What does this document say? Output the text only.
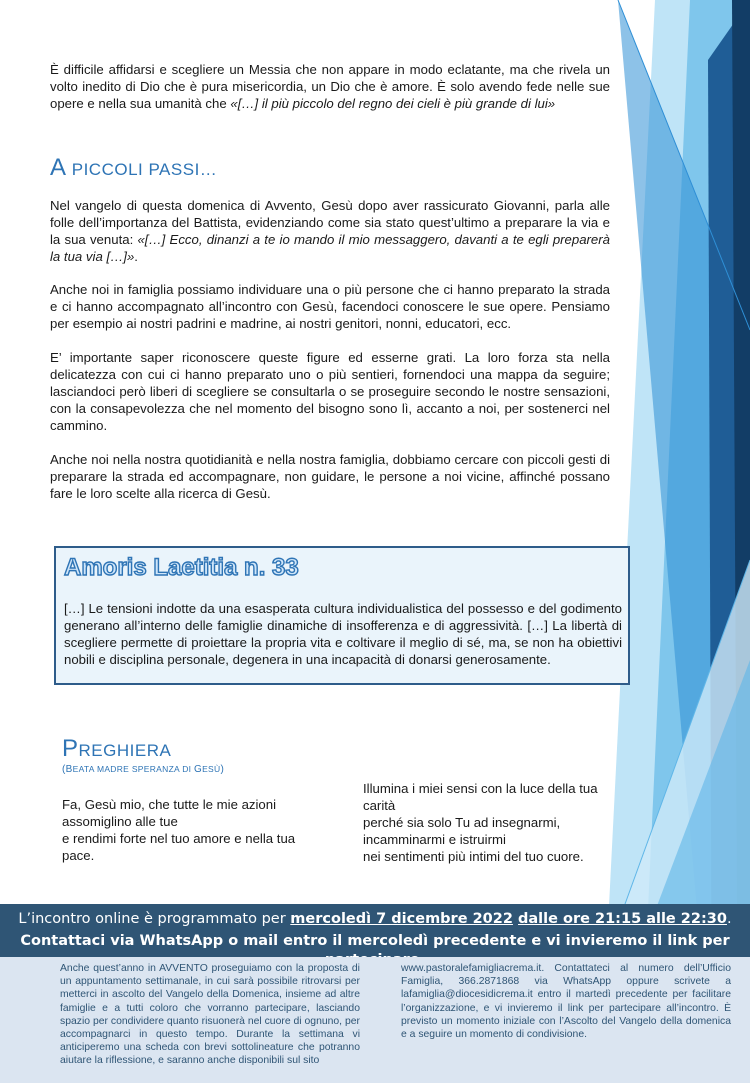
È difficile affidarsi e scegliere un Messia che non appare in modo eclatante, ma che rivela un volto inedito di Dio che è pura misericordia, un Dio che è amore. È solo avendo fede nelle sue opere e nella sua umanità che «[…] il più piccolo del regno dei cieli è più grande di lui»

A PICCOLI PASSI…

Nel vangelo di questa domenica di Avvento, Gesù dopo aver rassicurato Giovanni, parla alle folle dell’importanza del Battista, evidenziando come sia stato quest’ultimo a preparare la via e la sua venuta: «[…] Ecco, dinanzi a te io mando il mio messaggero, davanti a te egli preparerà la tua via […]».

Anche noi in famiglia possiamo individuare una o più persone che ci hanno preparato la strada e ci hanno accompagnato all’incontro con Gesù, facendoci conoscere le sue opere. Pensiamo per esempio ai nostri padrini e madrine, ai nostri genitori, nonni, educatori, ecc.

E’ importante saper riconoscere queste figure ed esserne grati. La loro forza sta nella delicatezza con cui ci hanno preparato uno o più sentieri, fornendoci una mappa da seguire; lasciandoci però liberi di scegliere se consultarla o se proseguire secondo le nostre sensazioni, con la consapevolezza che nel momento del bisogno sono lì, accanto a noi, per sostenerci nel cammino.

Anche noi nella nostra quotidianità e nella nostra famiglia, dobbiamo cercare con piccoli gesti di preparare la strada ed accompagnare, non guidare, le persone a noi vicine, affinché possano fare le loro scelte alla ricerca di Gesù.

Amoris Laetitia n. 33

[…] Le tensioni indotte da una esasperata cultura individualistica del possesso e del godimento generano all’interno delle famiglie dinamiche di insofferenza e di aggressività. […] La libertà di scegliere permette di proiettare la propria vita e coltivare il meglio di sé, ma, se non ha obiettivi nobili e disciplina personale, degenera in una incapacità di donarsi generosamente.

PREGHIERA
(BEATA MADRE SPERANZA DI GESÙ)
Fa, Gesù mio, che tutte le mie azioni
assomiglino alle tue
e rendimi forte nel tuo amore e nella tua
pace.
Illumina i miei sensi con la luce della tua
carità
perché sia solo Tu ad insegnarmi,
incamminarmi e istruirmi
nei sentimenti più intimi del tuo cuore.
L’incontro online è programmato per mercoledì 7 dicembre 2022 dalle ore 21:15 alle 22:30.
Contattaci via WhatsApp o mail entro il mercoledì precedente e vi invieremo il link per

Anche quest’anno in AVVENTO proseguiamo con la proposta di un appuntamento settimanale, in cui sarà possibile ritrovarsi per metterci in ascolto del Vangelo della Domenica, insieme ad altre famiglie e a tutti coloro che vorranno partecipare, lasciando spazio per condividere quanto risuonerà nel cuore di ognuno, per accompagnarci in questo tempo. Durante la settimana vi anticiperemo una scheda con brevi sottolineature che potranno aiutare la riflessione, e saranno anche disponibili sul sito

www.pastoralefamigliacrema.it. Contattateci al numero dell’Ufficio Famiglia, 366.2871868 via WhatsApp oppure scrivete a lafamiglia@diocesidicrema.it entro il martedì precedente per facilitare l’organizzazione, e vi invieremo il link per partecipare all’incontro. È previsto un momento iniziale con l’Ascolto del Vangelo della domenica e a seguire un momento di condivisione.
